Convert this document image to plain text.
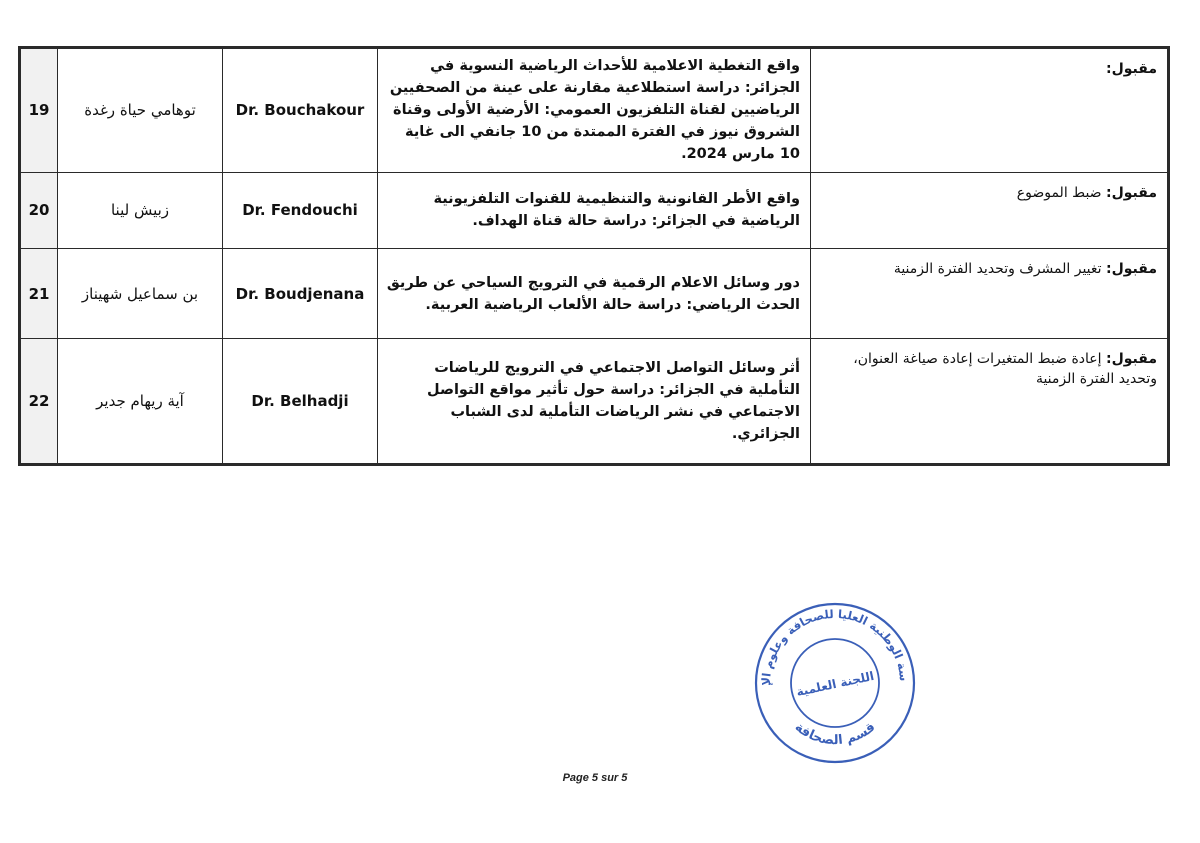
19	توهامي حياة رغدة	Dr. Bouchakour	واقع التغطية الاعلامية للأحداث الرياضية النسوية في الجزائر: دراسة استطلاعية مقارنة على عينة من الصحفيين الرياضيين لقناة التلفزيون العمومي: الأرضية الأولى وقناة الشروق نيوز في الفترة الممتدة من 10 جانفي الى غاية 10 مارس 2024.	مقبول:
20	زبيش لينا	Dr. Fendouchi	واقع الأطر القانونية والتنظيمية للقنوات التلفزيونية الرياضية في الجزائر: دراسة حالة قناة الهداف.	مقبول: ضبط الموضوع
21	بن سماعيل شهيناز	Dr. Boudjenana	دور وسائل الاعلام الرقمية في الترويج السياحي عن طريق الحدث الرياضي: دراسة حالة الألعاب الرياضية العربية.	مقبول: تغيير المشرف وتحديد الفترة الزمنية
22	آية ريهام جدير	Dr. Belhadji	أثر وسائل التواصل الاجتماعي في الترويج للرياضات التأملية في الجزائر: دراسة حول تأثير مواقع التواصل الاجتماعي في نشر الرياضات التأملية لدى الشباب الجزائري.	مقبول: إعادة ضبط المتغيرات إعادة صياغة العنوان، وتحديد الفترة الزمنية
سة الوطنية العليا للصحافة وعلوم الإ
قسم الصحافة
اللجنة العلمية
Page 5 sur 5
